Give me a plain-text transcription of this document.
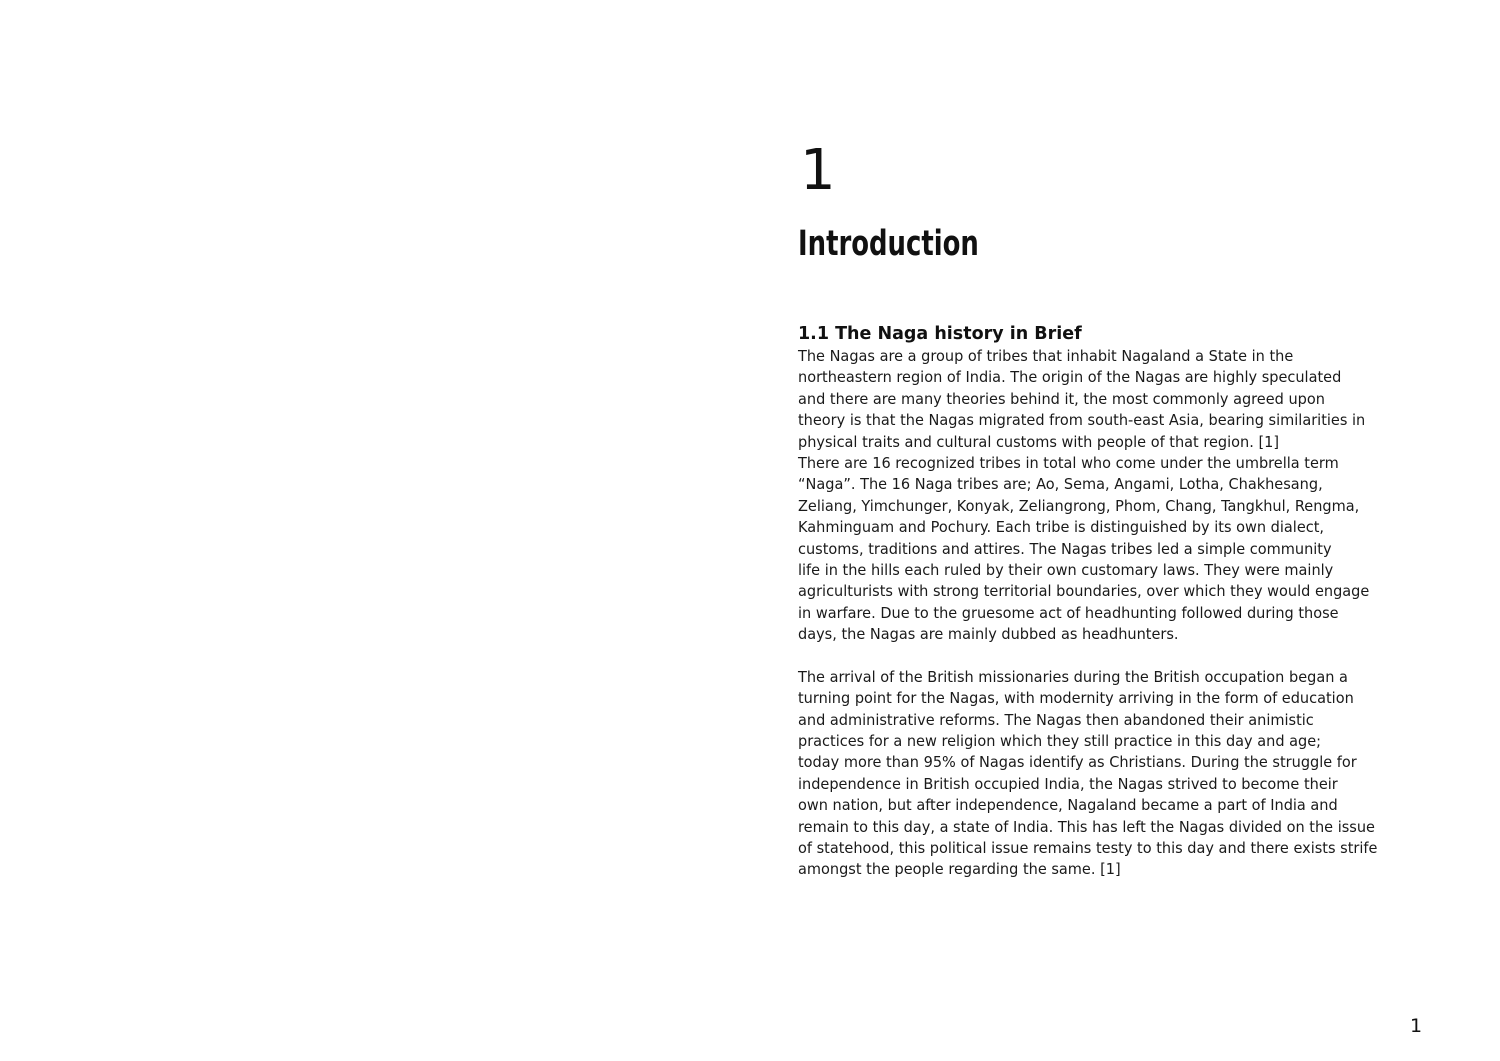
1
Introduction
1.1 The Naga history in Brief
The Nagas are a group of tribes that inhabit Nagaland a State in the
northeastern region of India. The origin of the Nagas are highly speculated
and there are many theories behind it, the most commonly agreed upon
theory is that the Nagas migrated from south-east Asia, bearing similarities in
physical traits and cultural customs with people of that region. [1]
There are 16 recognized tribes in total who come under the umbrella term
“Naga”. The 16 Naga tribes are; Ao, Sema, Angami, Lotha, Chakhesang,
Zeliang, Yimchunger, Konyak, Zeliangrong, Phom, Chang, Tangkhul, Rengma,
Kahminguam and Pochury. Each tribe is distinguished by its own dialect,
customs, traditions and attires. The Nagas tribes led a simple community
life in the hills each ruled by their own customary laws. They were mainly
agriculturists with strong territorial boundaries, over which they would engage
in warfare. Due to the gruesome act of headhunting followed during those
days, the Nagas are mainly dubbed as headhunters.
The arrival of the British missionaries during the British occupation began a
turning point for the Nagas, with modernity arriving in the form of education
and administrative reforms. The Nagas then abandoned their animistic
practices for a new religion which they still practice in this day and age;
today more than 95% of Nagas identify as Christians. During the struggle for
independence in British occupied India, the Nagas strived to become their
own nation, but after independence, Nagaland became a part of India and
remain to this day, a state of India. This has left the Nagas divided on the issue
of statehood, this political issue remains testy to this day and there exists strife
amongst the people regarding the same. [1]
1
